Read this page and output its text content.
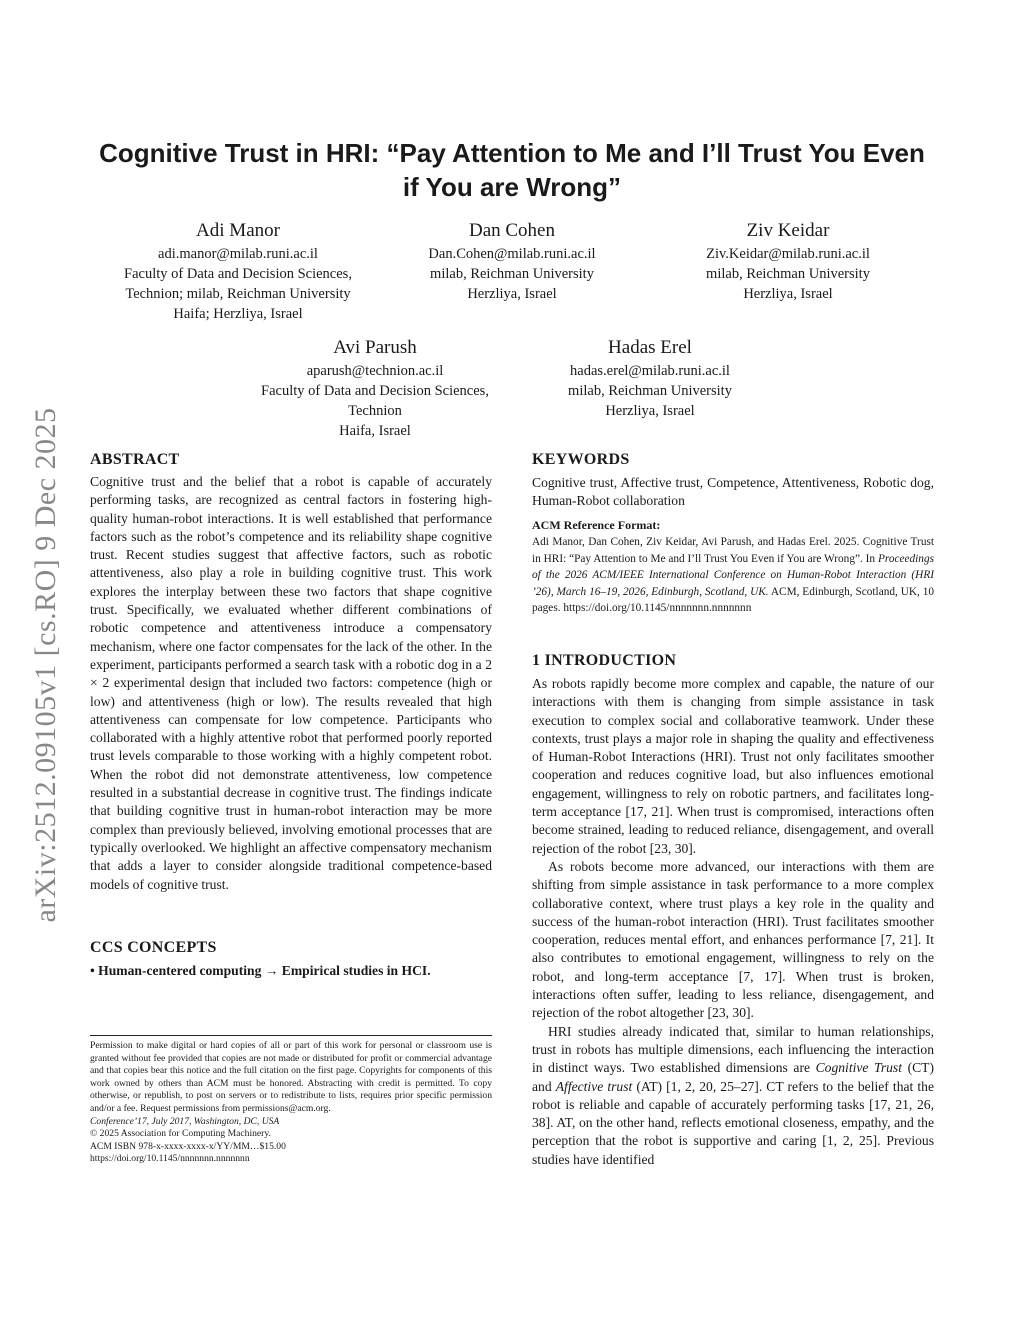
arXiv:2512.09105v1 [cs.RO] 9 Dec 2025
Cognitive Trust in HRI: “Pay Attention to Me and I’ll Trust You Even if You are Wrong”
Adi Manor
adi.manor@milab.runi.ac.il
Faculty of Data and Decision Sciences,
Technion; milab, Reichman University
Haifa; Herzliya, Israel
Dan Cohen
Dan.Cohen@milab.runi.ac.il
milab, Reichman University
Herzliya, Israel
Ziv Keidar
Ziv.Keidar@milab.runi.ac.il
milab, Reichman University
Herzliya, Israel
Avi Parush
aparush@technion.ac.il
Faculty of Data and Decision Sciences,
Technion
Haifa, Israel
Hadas Erel
hadas.erel@milab.runi.ac.il
milab, Reichman University
Herzliya, Israel
ABSTRACT

Cognitive trust and the belief that a robot is capable of accurately performing tasks, are recognized as central factors in fostering high-quality human-robot interactions. It is well established that performance factors such as the robot’s competence and its reliability shape cognitive trust. Recent studies suggest that affective factors, such as robotic attentiveness, also play a role in building cognitive trust. This work explores the interplay between these two factors that shape cognitive trust. Specifically, we evaluated whether different combinations of robotic competence and attentiveness introduce a compensatory mechanism, where one factor compensates for the lack of the other. In the experiment, participants performed a search task with a robotic dog in a 2 × 2 experimental design that included two factors: competence (high or low) and attentiveness (high or low). The results revealed that high attentiveness can compensate for low competence. Participants who collaborated with a highly attentive robot that performed poorly reported trust levels comparable to those working with a highly competent robot. When the robot did not demonstrate attentiveness, low competence resulted in a substantial decrease in cognitive trust. The findings indicate that building cognitive trust in human-robot interaction may be more complex than previously believed, involving emotional processes that are typically overlooked. We highlight an affective compensatory mechanism that adds a layer to consider alongside traditional competence-based models of cognitive trust.

CCS CONCEPTS

• Human-centered computing → Empirical studies in HCI.

Permission to make digital or hard copies of all or part of this work for personal or classroom use is granted without fee provided that copies are not made or distributed for profit or commercial advantage and that copies bear this notice and the full citation on the first page. Copyrights for components of this work owned by others than ACM must be honored. Abstracting with credit is permitted. To copy otherwise, or republish, to post on servers or to redistribute to lists, requires prior specific permission and/or a fee. Request permissions from permissions@acm.org.

Conference’17, July 2017, Washington, DC, USA

© 2025 Association for Computing Machinery.

ACM ISBN 978-x-xxxx-xxxx-x/YY/MM…$15.00

https://doi.org/10.1145/nnnnnnn.nnnnnnn

KEYWORDS

Cognitive trust, Affective trust, Competence, Attentiveness, Robotic dog, Human-Robot collaboration

ACM Reference Format:

Adi Manor, Dan Cohen, Ziv Keidar, Avi Parush, and Hadas Erel. 2025. Cognitive Trust in HRI: “Pay Attention to Me and I’ll Trust You Even if You are Wrong”. In Proceedings of the 2026 ACM/IEEE International Conference on Human-Robot Interaction (HRI ’26), March 16–19, 2026, Edinburgh, Scotland, UK. ACM, Edinburgh, Scotland, UK, 10 pages. https://doi.org/10.1145/nnnnnnn.nnnnnnn

1 INTRODUCTION

As robots rapidly become more complex and capable, the nature of our interactions with them is changing from simple assistance in task execution to complex social and collaborative teamwork. Under these contexts, trust plays a major role in shaping the quality and effectiveness of Human-Robot Interactions (HRI). Trust not only facilitates smoother cooperation and reduces cognitive load, but also influences emotional engagement, willingness to rely on robotic partners, and facilitates long-term acceptance [17, 21]. When trust is compromised, interactions often become strained, leading to reduced reliance, disengagement, and overall rejection of the robot [23, 30].

As robots become more advanced, our interactions with them are shifting from simple assistance in task performance to a more complex collaborative context, where trust plays a key role in the quality and success of the human-robot interaction (HRI). Trust facilitates smoother cooperation, reduces mental effort, and enhances performance [7, 21]. It also contributes to emotional engagement, willingness to rely on the robot, and long-term acceptance [7, 17]. When trust is broken, interactions often suffer, leading to less reliance, disengagement, and rejection of the robot altogether [23, 30].

HRI studies already indicated that, similar to human relationships, trust in robots has multiple dimensions, each influencing the interaction in distinct ways. Two established dimensions are Cognitive Trust (CT) and Affective trust (AT) [1, 2, 20, 25–27]. CT refers to the belief that the robot is reliable and capable of accurately performing tasks [17, 21, 26, 38]. AT, on the other hand, reflects emotional closeness, empathy, and the perception that the robot is supportive and caring [1, 2, 25]. Previous studies have identified
